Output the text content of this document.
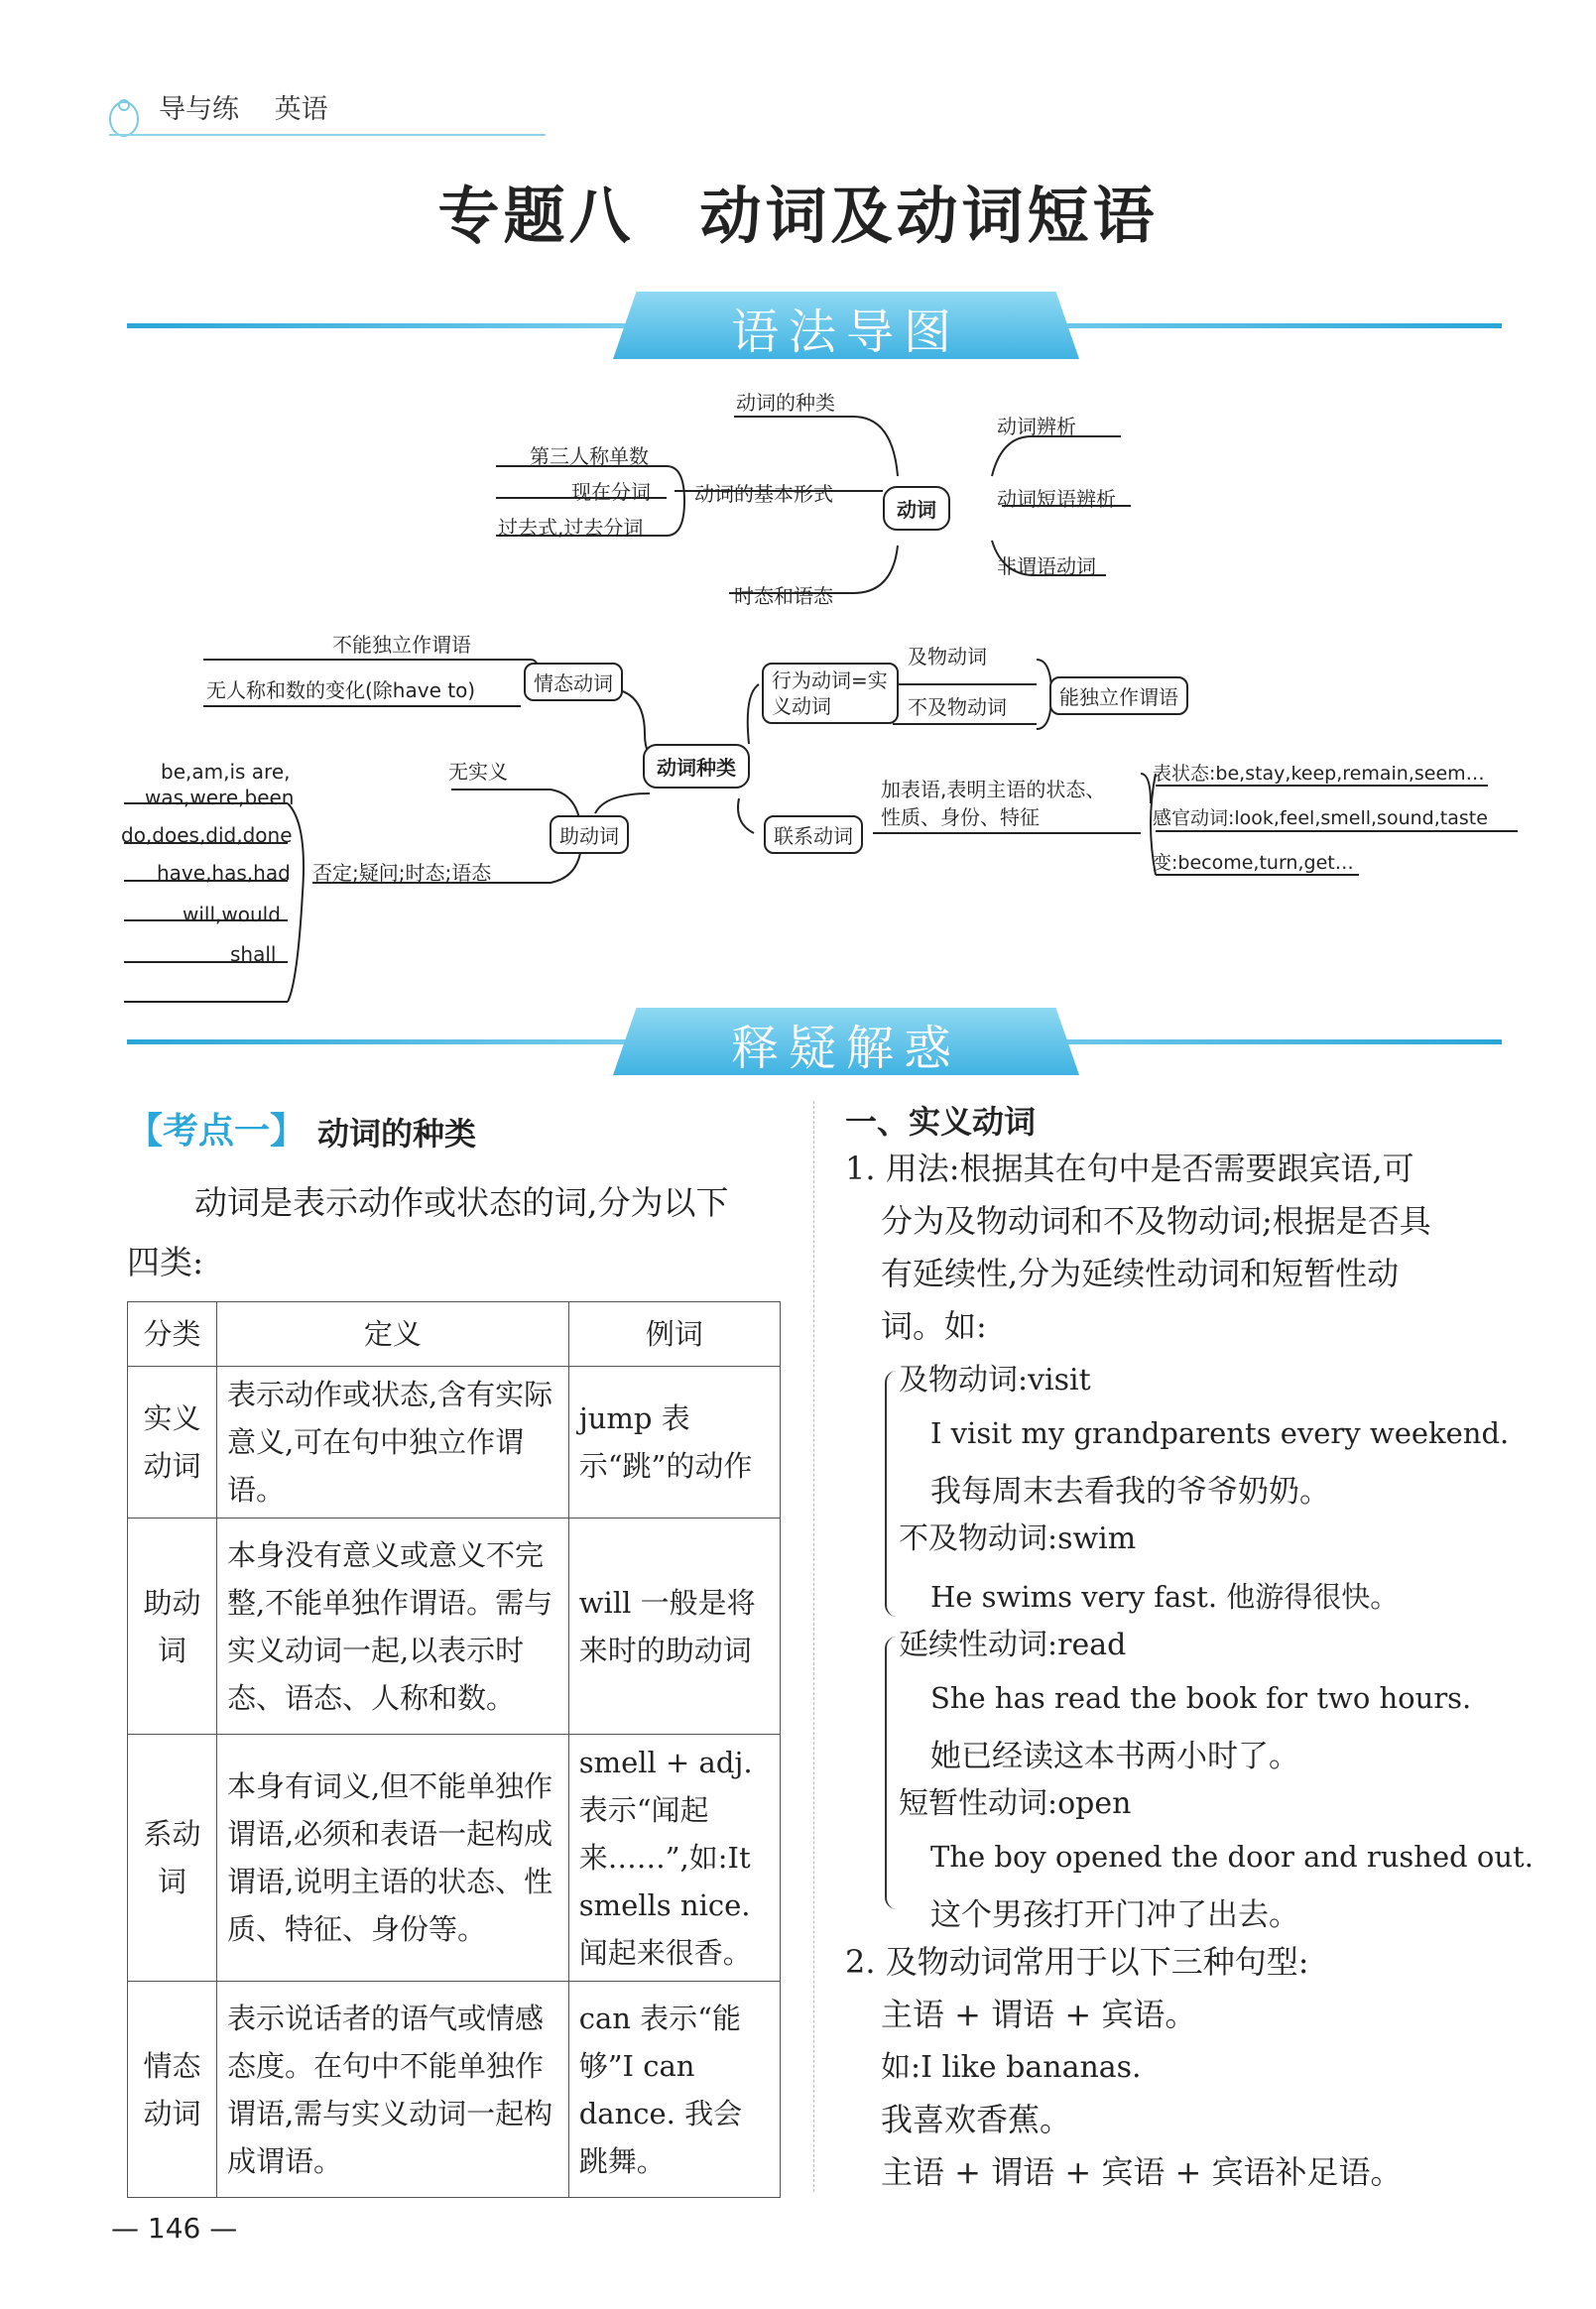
导与练　 英语
专题八　动词及动词短语
语法导图
动词的种类
动词的基本形式
时态和语态
第三人称单数
现在分词
过去式,过去分词
动词
动词辨析
动词短语辨析
非谓语动词
不能独立作谓语
无人称和数的变化(除have to)	情态动词	行为动词=实义动词
及物动词
不及物动词	能独立作谓语
动词种类
无实义
助动词
否定;疑问;时态;语态
be,am,is are,
was,were,been
do,does,did,done
have,has,had
will,would
shall
联系动词
加表语,表明主语的状态、
性质、身份、特征
表状态:be,stay,keep,remain,seem…
感官动词:look,feel,smell,sound,taste
变:become,turn,get…
释疑解惑
【考点一】 动词的种类
动词是表示动作或状态的词,分为以下
四类:
分类	定义	例词
实义动词	表示动作或状态,含有实际意义,可在句中独立作谓语。	jump 表示“跳”的动作
助动词	本身没有意义或意义不完整,不能单独作谓语。需与实义动词一起,以表示时态、语态、人称和数。	will 一般是将来时的助动词
系动词	本身有词义,但不能单独作谓语,必须和表语一起构成谓语,说明主语的状态、性质、特征、身份等。	smell + adj. 表示“闻起来……”,如:It smells nice. 闻起来很香。
情态动词	表示说话者的语气或情感态度。在句中不能单独作谓语,需与实义动词一起构成谓语。	can 表示“能够”I can dance. 我会跳舞。
一、实义动词
1. 用法:根据其在句中是否需要跟宾语,可
分为及物动词和不及物动词;根据是否具
有延续性,分为延续性动词和短暂性动
词。如:
及物动词:visit
I visit my grandparents every weekend.
我每周末去看我的爷爷奶奶。
不及物动词:swim
He swims very fast. 他游得很快。
延续性动词:read
She has read the book for two hours.
她已经读这本书两小时了。
短暂性动词:open
The boy opened the door and rushed out.
这个男孩打开门冲了出去。
2. 及物动词常用于以下三种句型:
主语 + 谓语 + 宾语。
如:I like bananas.
我喜欢香蕉。
主语 + 谓语 + 宾语 + 宾语补足语。
— 146 —
